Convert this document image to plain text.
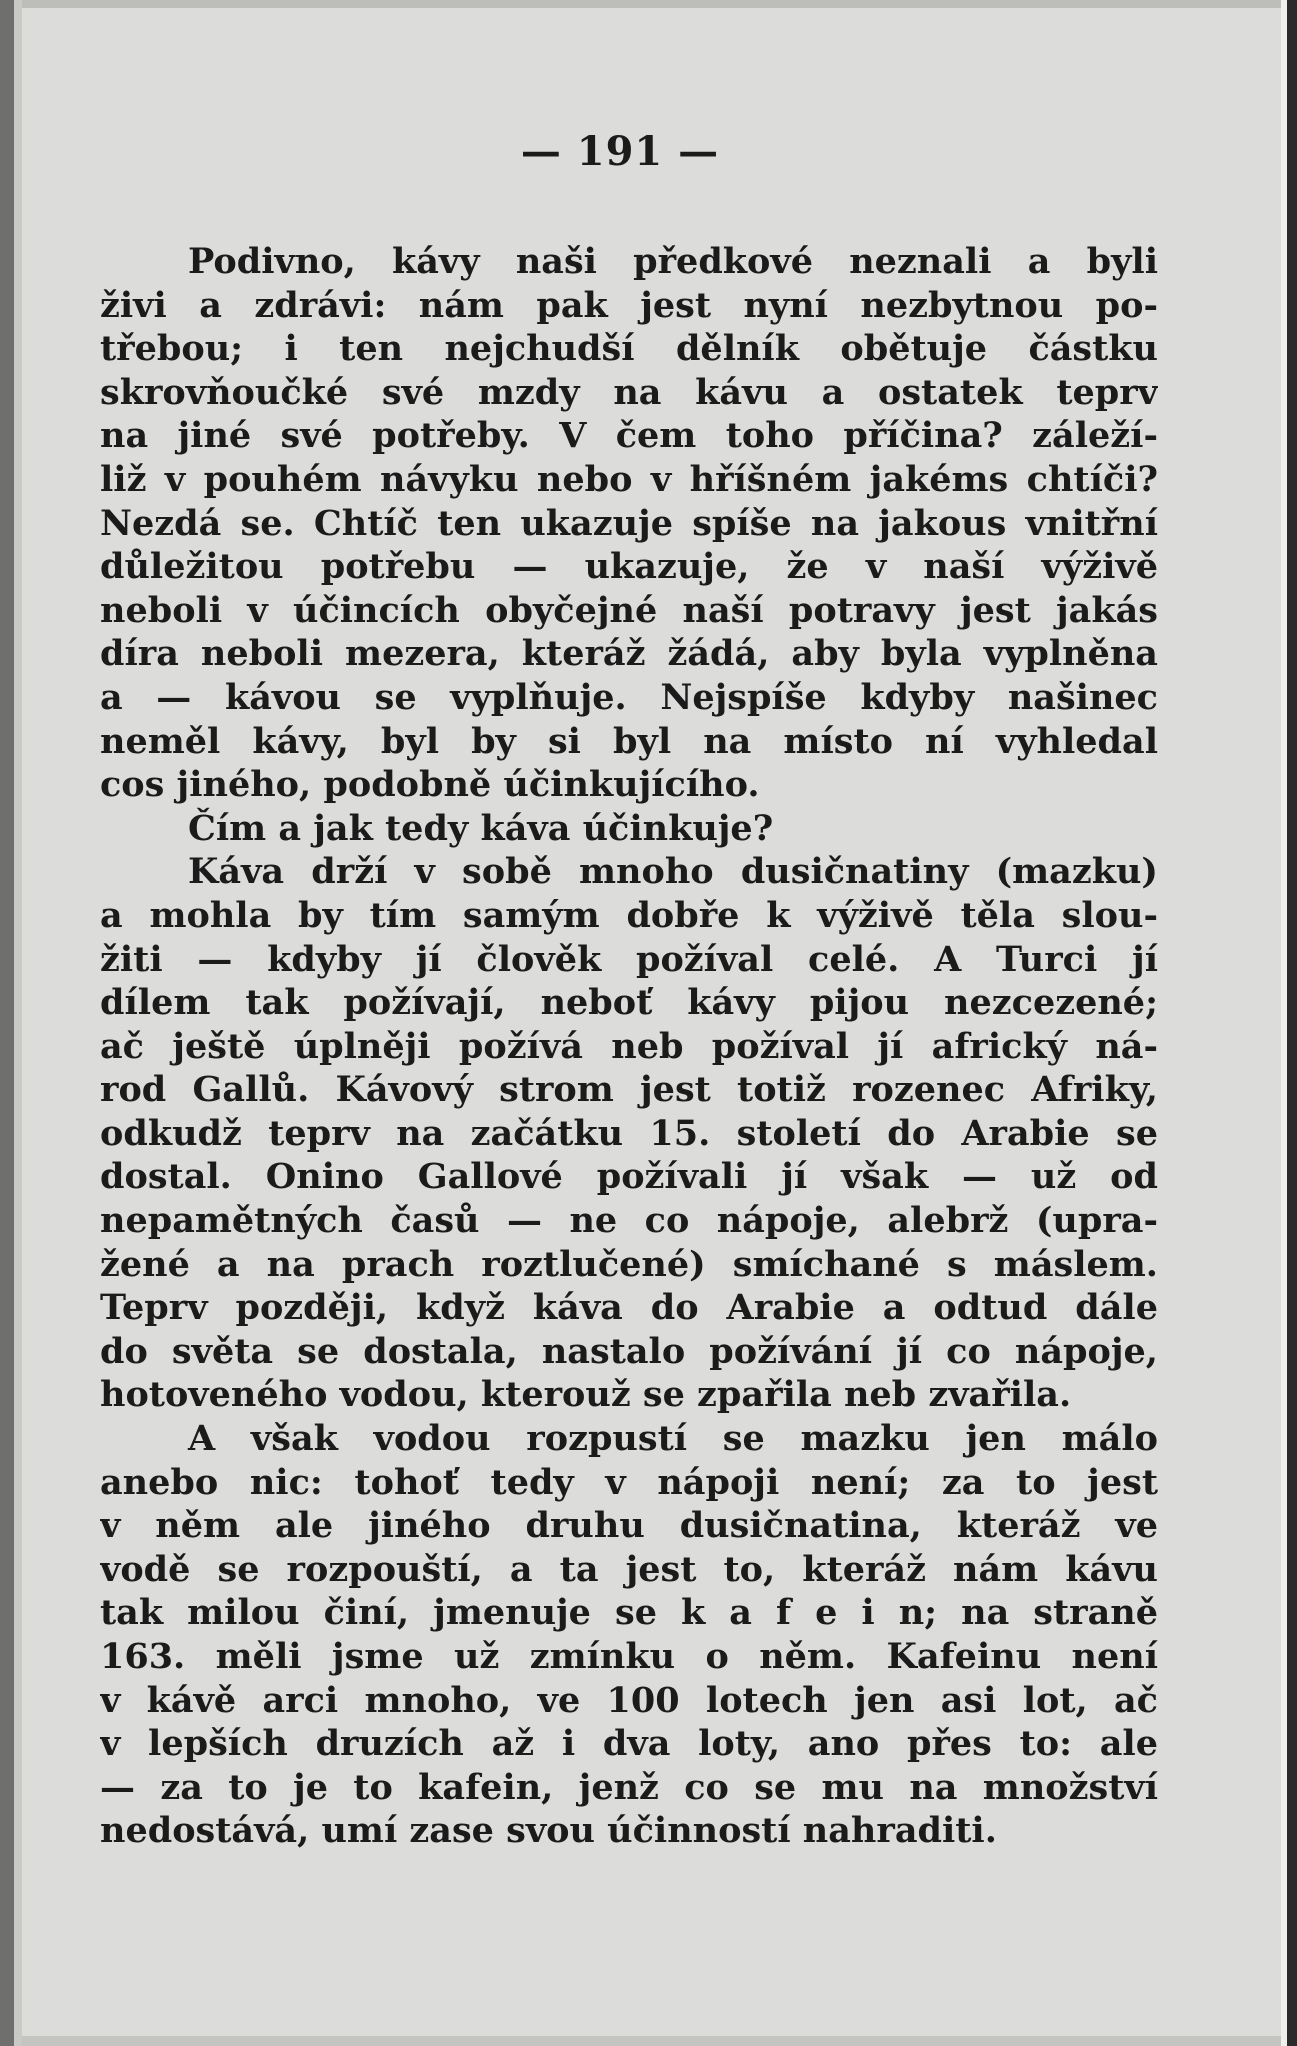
— 191 —
Podivno, kávy naši předkové neznali a byli
živi a zdrávi: nám pak jest nyní nezbytnou po-
třebou; i ten nejchudší dělník obětuje částku
skrovňoučké své mzdy na kávu a ostatek teprv
na jiné své potřeby. V čem toho příčina? záleží-
liž v pouhém návyku nebo v hříšném jakéms chtíči?
Nezdá se. Chtíč ten ukazuje spíše na jakous vnitřní
důležitou potřebu — ukazuje, že v naší výživě
neboli v účincích obyčejné naší potravy jest jakás
díra neboli mezera, kteráž žádá, aby byla vyplněna
a — kávou se vyplňuje. Nejspíše kdyby našinec
neměl kávy, byl by si byl na místo ní vyhledal
cos jiného, podobně účinkujícího.
Čím a jak tedy káva účinkuje?
Káva drží v sobě mnoho dusičnatiny (mazku)
a mohla by tím samým dobře k výživě těla slou-
žiti — kdyby jí člověk požíval celé. A Turci jí
dílem tak požívají, neboť kávy pijou nezcezené;
ač ještě úplněji požívá neb požíval jí africký ná-
rod Gallů. Kávový strom jest totiž rozenec Afriky,
odkudž teprv na začátku 15. století do Arabie se
dostal. Onino Gallové požívali jí však — už od
nepamětných časů — ne co nápoje, alebrž (upra-
žené a na prach roztlučené) smíchané s máslem.
Teprv později, když káva do Arabie a odtud dále
do světa se dostala, nastalo požívání jí co nápoje,
hotoveného vodou, kterouž se zpařila neb zvařila.
A však vodou rozpustí se mazku jen málo
anebo nic: tohoť tedy v nápoji není; za to jest
v něm ale jiného druhu dusičnatina, kteráž ve
vodě se rozpouští, a ta jest to, kteráž nám kávu
tak milou činí, jmenuje se k a f e i n; na straně
163. měli jsme už zmínku o něm. Kafeinu není
v kávě arci mnoho, ve 100 lotech jen asi lot, ač
v lepších druzích až i dva loty, ano přes to: ale
— za to je to kafein, jenž co se mu na množství
nedostává, umí zase svou účinností nahraditi.
